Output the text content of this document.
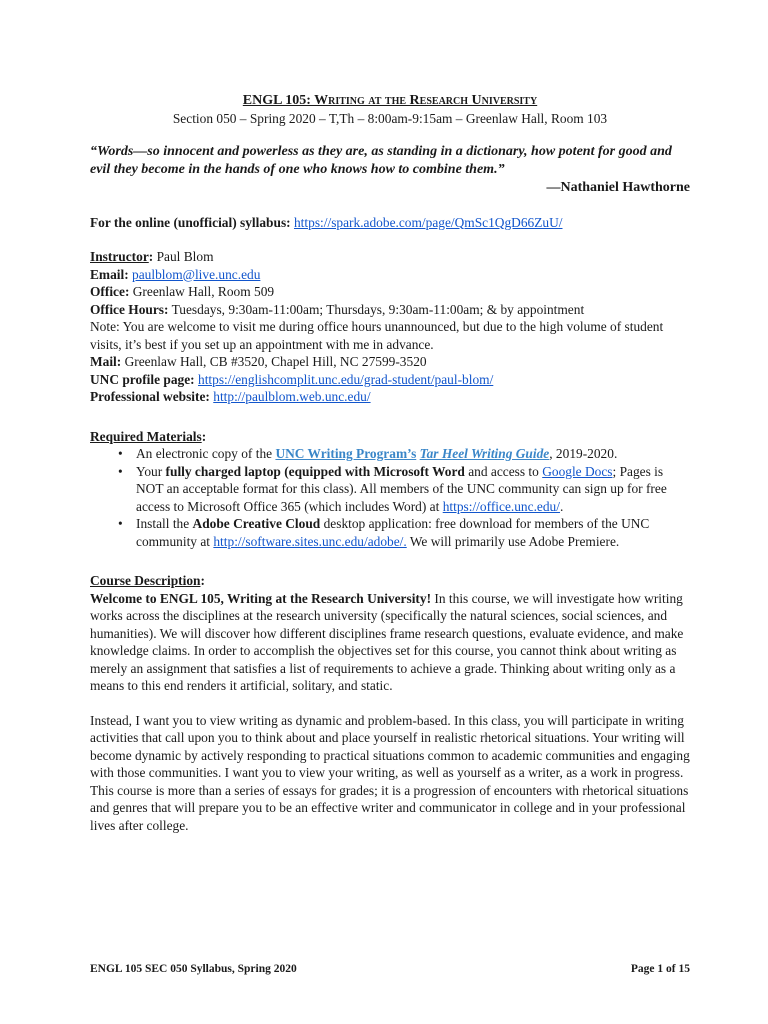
ENGL 105: Writing at the Research University
Section 050 – Spring 2020 – T,Th – 8:00am-9:15am – Greenlaw Hall, Room 103
“Words—so innocent and powerless as they are, as standing in a dictionary, how potent for good and evil they become in the hands of one who knows how to combine them.”
—Nathaniel Hawthorne
For the online (unofficial) syllabus: https://spark.adobe.com/page/QmSc1QgD66ZuU/
Instructor: Paul Blom
Email: paulblom@live.unc.edu
Office: Greenlaw Hall, Room 509
Office Hours: Tuesdays, 9:30am-11:00am; Thursdays, 9:30am-11:00am; & by appointment
Note: You are welcome to visit me during office hours unannounced, but due to the high volume of student visits, it’s best if you set up an appointment with me in advance.
Mail: Greenlaw Hall, CB #3520, Chapel Hill, NC 27599-3520
UNC profile page: https://englishcomplit.unc.edu/grad-student/paul-blom/
Professional website: http://paulblom.web.unc.edu/
Required Materials:
• An electronic copy of the UNC Writing Program’s Tar Heel Writing Guide, 2019-2020.
• Your fully charged laptop (equipped with Microsoft Word and access to Google Docs; Pages is NOT an acceptable format for this class). All members of the UNC community can sign up for free access to Microsoft Office 365 (which includes Word) at https://office.unc.edu/.
• Install the Adobe Creative Cloud desktop application: free download for members of the UNC community at http://software.sites.unc.edu/adobe/. We will primarily use Adobe Premiere.
Course Description:
Welcome to ENGL 105, Writing at the Research University! In this course, we will investigate how writing works across the disciplines at the research university (specifically the natural sciences, social sciences, and humanities). We will discover how different disciplines frame research questions, evaluate evidence, and make knowledge claims. In order to accomplish the objectives set for this course, you cannot think about writing as merely an assignment that satisfies a list of requirements to achieve a grade. Thinking about writing only as a means to this end renders it artificial, solitary, and static.
Instead, I want you to view writing as dynamic and problem-based. In this class, you will participate in writing activities that call upon you to think about and place yourself in realistic rhetorical situations. Your writing will become dynamic by actively responding to practical situations common to academic communities and engaging with those communities. I want you to view your writing, as well as yourself as a writer, as a work in progress. This course is more than a series of essays for grades; it is a progression of encounters with rhetorical situations and genres that will prepare you to be an effective writer and communicator in college and in your professional lives after college.
ENGL 105 SEC 050 Syllabus, Spring 2020	Page 1 of 15
